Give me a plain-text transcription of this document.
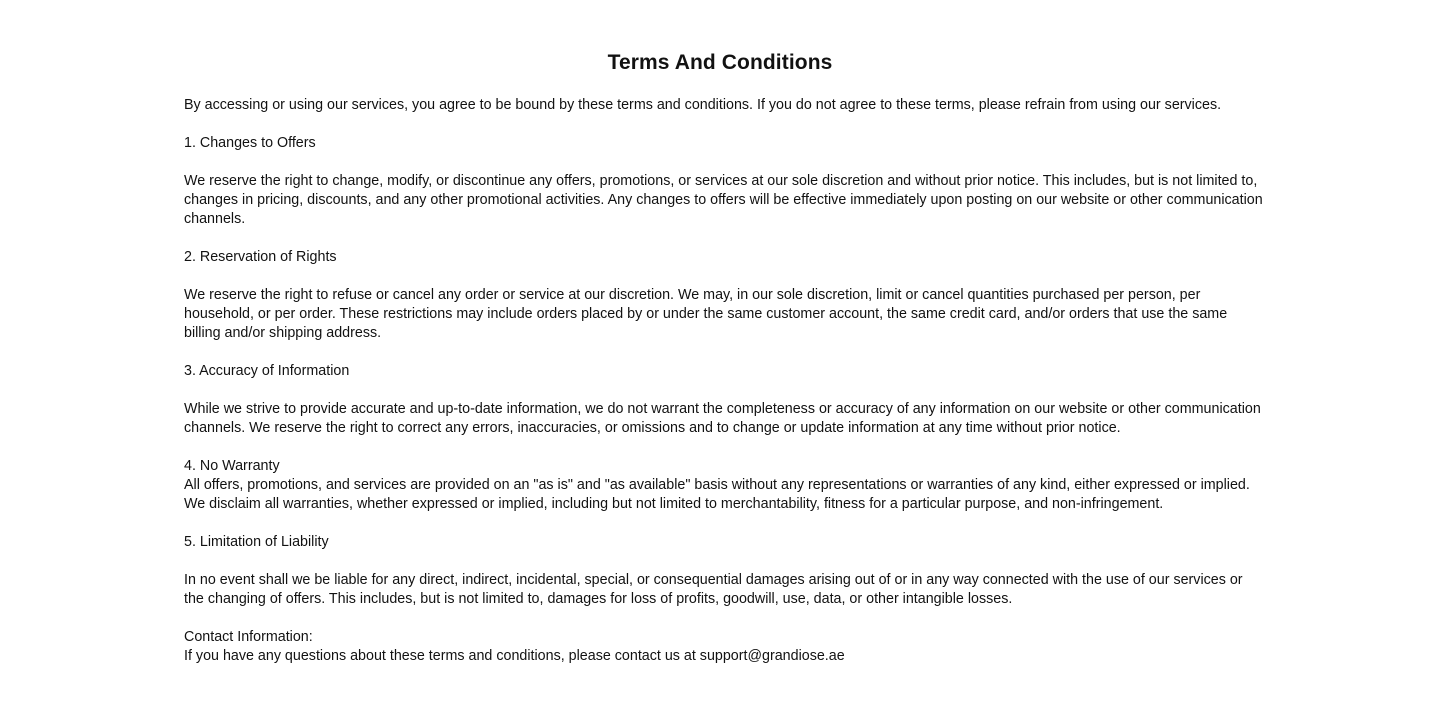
Terms And Conditions

By accessing or using our services, you agree to be bound by these terms and conditions. If you do not agree to these terms, please refrain from using our services.

1. Changes to Offers

We reserve the right to change, modify, or discontinue any offers, promotions, or services at our sole discretion and without prior notice. This includes, but is not limited to, changes in pricing, discounts, and any other promotional activities. Any changes to offers will be effective immediately upon posting on our website or other communication channels.

2. Reservation of Rights

We reserve the right to refuse or cancel any order or service at our discretion. We may, in our sole discretion, limit or cancel quantities purchased per person, per household, or per order. These restrictions may include orders placed by or under the same customer account, the same credit card, and/or orders that use the same billing and/or shipping address.

3. Accuracy of Information

While we strive to provide accurate and up-to-date information, we do not warrant the completeness or accuracy of any information on our website or other communication channels. We reserve the right to correct any errors, inaccuracies, or omissions and to change or update information at any time without prior notice.

4. No Warranty

All offers, promotions, and services are provided on an "as is" and "as available" basis without any representations or warranties of any kind, either expressed or implied. We disclaim all warranties, whether expressed or implied, including but not limited to merchantability, fitness for a particular purpose, and non-infringement.

5. Limitation of Liability

In no event shall we be liable for any direct, indirect, incidental, special, or consequential damages arising out of or in any way connected with the use of our services or the changing of offers. This includes, but is not limited to, damages for loss of profits, goodwill, use, data, or other intangible losses.

Contact Information:

If you have any questions about these terms and conditions, please contact us at support@grandiose.ae
